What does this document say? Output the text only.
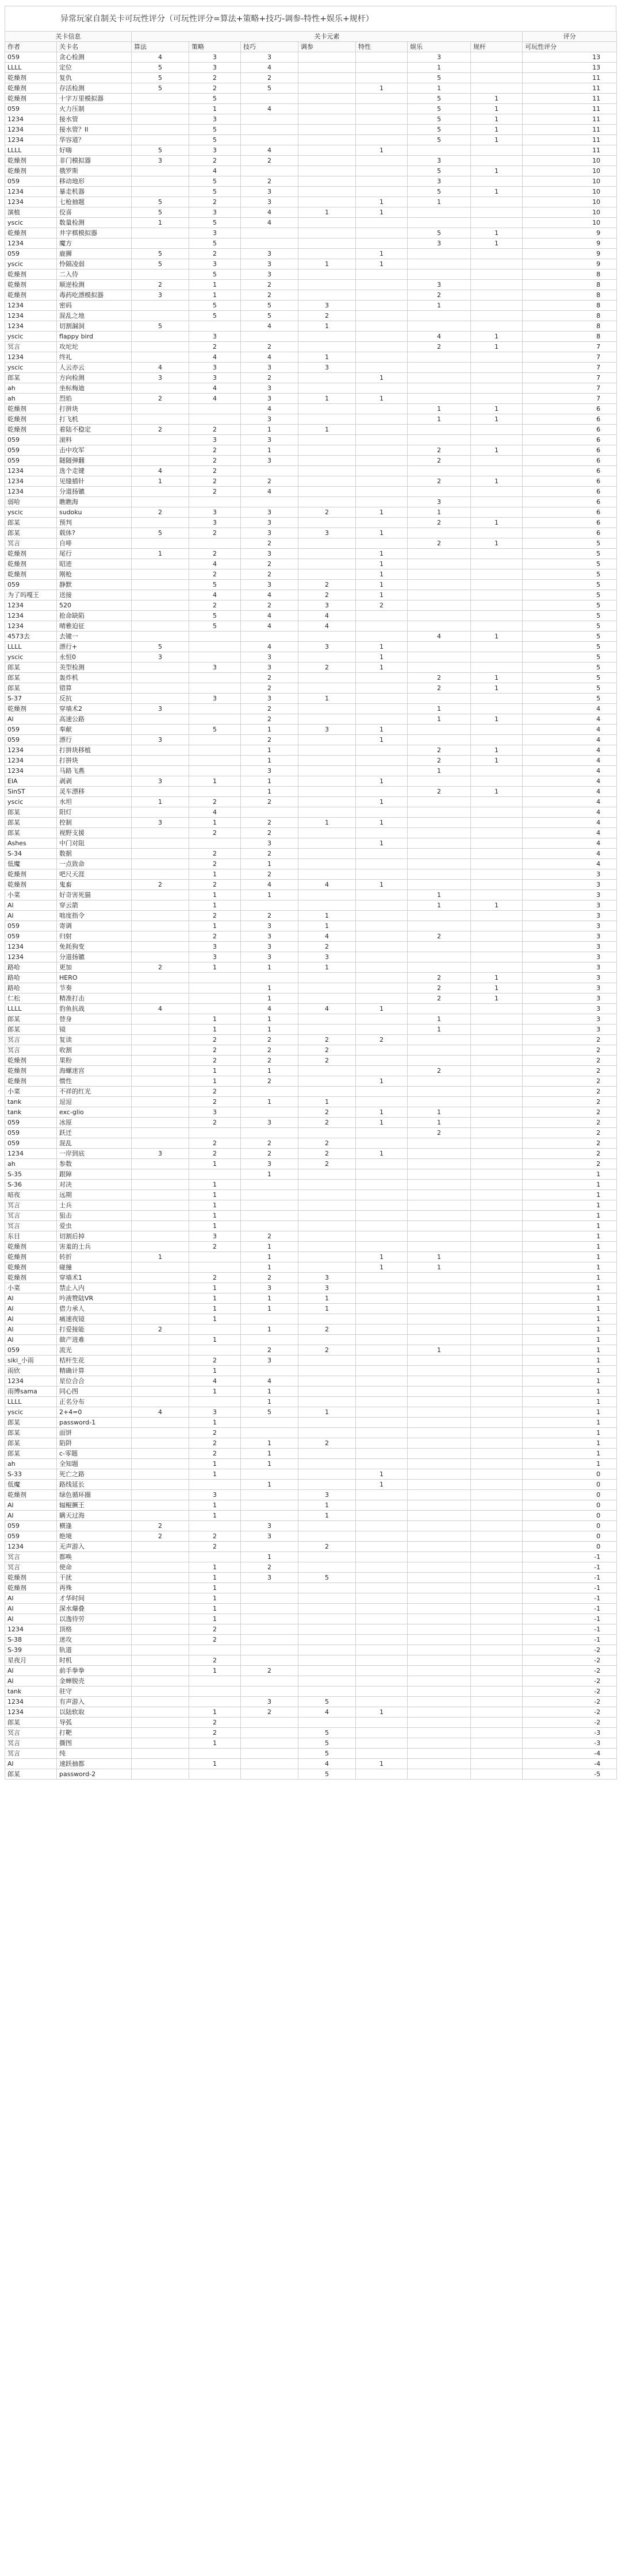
异常玩家自制关卡可玩性评分（可玩性评分=算法+策略+技巧-调参-特性+娱乐+规杆）
关卡信息		关卡元素							评分
作者	关卡名	算法	策略	技巧	调参	特性	娱乐	规杆	可玩性评分
059	贪心检测	4	3	3			3		13
LLLL	定位	5	3	4			1		13
乾燥剂	复仇	5	2	2			5		11
乾燥剂	存活检测	5	2	5		1	1		11
乾燥剂	十字万里模拟器		5				5	1	11
059	火力压制		1	4			5	1	11
1234	接水管		3				5	1	11
1234	接水管？II		5				5	1	11
1234	华容道？		5				5	1	11
LLLL	好嗨	5	3	4		1			11
乾燥剂	非门模拟器	3	2	2			3		10
乾燥剂	俄罗斯		4				5	1	10
059	移动地形		5	2			3		10
1234	暴走机器		5	3			5	1	10
1234	七枪抽题	5	2	3		1	1		10
演植	佼喜	5	3	4	1	1			10
yscic	数量检测	1	5	4					10
乾燥剂	井字棋模拟器		3				5	1	9
1234	魔方		5				3	1	9
059	鹿狮	5	2	3		1			9
yscic	怜隔凌弱	5	3	3	1	1			9
乾燥剂	二入侍		5	3					8
乾燥剂	顺逆检测	2	1	2			3		8
乾燥剂	毒药吃漂模拟器	3	1	2			2		8
1234	密码		5	5	3		1		8
1234	混乱之地		5	5	2				8
1234	切割漏洞	5		4	1				8
yscic	flappy bird		3				4	1	8
冥言	攻坨坨		2	2			2	1	7
1234	终礼		4	4	1				7
yscic	人云亦云	4	3	3	3				7
郎某	方向检测	3	3	2		1			7
ah	坐标梅迪		4	3					7
ah	烈焰	2	4	3	1	1			7
乾燥剂	打拼块			4			1	1	6
乾燥剂	打飞机			3			1	1	6
乾燥剂	着陆不稳定	2	2	1	1				6
059	滚料		3	3					6
059	击中攻军		2	1			2	1	6
059	隧隧弹翻		2	3			2		6
1234	选个走键	4	2						6
1234	见缝插针	1	2	2			2	1	6
1234	分道扬镳		2	4					6
弱哈	瞧瞧海						3		6
yscic	sudoku	2	3	3	2	1	1		6
郎某	预判		3	3			2	1	6
郎某	载体?	5	2	3	3	1			6
冥言	自啡			2			2	1	5
乾燥剂	尾行	1	2	3		1			5
乾燥剂	昭迹		4	2		1			5
乾燥剂	刚枪		2	2		1			5
059	静默		5	3	2	1			5
为了吗嘎王	送接		4	4	2	1			5
1234	520		2	2	3	2			5
1234	抢命缺陷		5	4	4				5
1234	晴雅迫征		5	4	4				5
4573去	去键一						4	1	5
LLLL	漂行+	5		4	3	1			5
yscic	永恒0	3		3		1			5
郎某	美型检测		3	3	2	1			5
郎某	轰炸机			2			2	1	5
郎某	错算			2			2	1	5
S-37	反抗		3	3	1				5
乾燥剂	穿墙术2	3		2			1		4
Al	高速公路			2			1	1	4
059	奉献		5	1	3	1			4
059	漂行	3		2		1			4
1234	打拼块移植			1			2	1	4
1234	打拼块			1			2	1	4
1234	马路飞燕			3			1		4
ElA	剥剥	3	1	1		1			4
SinST	灵车漂移			1			2	1	4
yscic	水坦	1	2	2		1			4
郎某	阳灯		4						4
郎某	控制	3	1	2	1	1			4
郎某	视野支援		2	2					4
Ashes	中门对阻			3		1			4
S-34	数据		2	2					4
低魔	一点致命		2	1					4
乾燥剂	吧尺天涯		1	2					3
乾燥剂	鬼畜	2	2	4	4	1			3
小菜	好奇害死猫		1	1			1		3
Al	穿云箭		1				1	1	3
Al	咄度指令		2	2	1				3
059	寄调		1	3	1				3
059	归射		2	3	4		2		3
1234	免耗狗变		3	3	2				3
1234	分道扬镳		3	3	3				3
路哈	更加	2	1	1	1				3
路哈	HERO						2	1	3
路哈	节奏			1			2	1	3
仁松	精准打击			1			2	1	3
LLLL	豹鱼抗战	4		4	4	1			3
郎某	替身		1	1			1		3
郎某	镜		1	1			1		3
冥言	复读		2	2	2	2			2
冥言	收割		2	2	2				2
乾燥剂	果粉		2	2	2				2
乾燥剂	海螺迷宫		1	1			2		2
乾燥剂	惯性		1	2		1			2
小菜	不祥的红光		2						2
tank	逗逗		2	1	1				2
tank	exc-glio		3		2	1	1		2
059	冰原		2	3	2	1	1		2
059	跃迁						2		2
059	混乱		2	2	2				2
1234	一岸到底	3	2	2	2	1			2
ah	参数		1	3	2				2
S-35	跟障			1					1
S-36	对决		1						1
暗夜	远期		1						1
冥言	士兵		1						1
冥言	狙击		1						1
冥言	爱虫		1						1
东目	切割后掉		3	2					1
乾燥剂	害羞的士兵		2	1					1
乾燥剂	转折	1		1		1	1		1
乾燥剂	碰撞			1		1	1		1
乾燥剂	穿墙术1		2	2	3				1
小菜	禁止入内		1	3	3				1
Al	吟液赞陆VR		1	1	1				1
Al	借力承人		1	1	1				1
Al	痛速夜镜		1						1
Al	打爱接能	2		1	2				1
Al	做产进难		1						1
059	流光			2	2		1		1
siki_小雨	桔杆生花		2	3					1
雨欣	精确计算		1						1
1234	星位合合		4	4					1
雨博sama	同心图		1	1					1
LLLL	正名分布			1					1
yscic	2+4=0	4	3	5	1				1
郎某	password-1		1						1
郎某	面饼		2						1
郎某	陷阱		2	1	2				1
郎某	c-零题		2	1					1
ah	全知题		1	1					1
S-33	死亡之路		1			1			0
低魔	路线延长			1		1			0
乾燥剂	绿色循环圈		3		3				0
Al	辐鲲撅王		1		1				0
Al	瞒天过海		1		1				0
059	横逢	2		3					0
059	绝境	2	2	3					0
1234	无声游入		2		2				0
冥言	都唤			1					-1
冥言	使命		1	2					-1
乾燥剂	干扰		1	3	5				-1
乾燥剂	再殊		1						-1
Al	才华时间		1						-1
Al	深水爆叠		1						-1
Al	以逸待劳		1						-1
1234	顶格		2						-1
S-38	迷攻		2						-1
S-39	轨道								-2
星夜月	时机		2						-2
Al	前手拳拳		1	2					-2
Al	金蝉脱壳								-2
tank	驻守								-2
1234	有声游入			3	5				-2
1234	以陆软取		1	2	4	1			-2
郎某	导弧		2						-2
冥言	打靶		2		5				-3
冥言	撕图		1		5				-3
冥言	纯				5				-4
Al	速跃抽都		1		4	1			-4
郎某	password-2				5				-5
